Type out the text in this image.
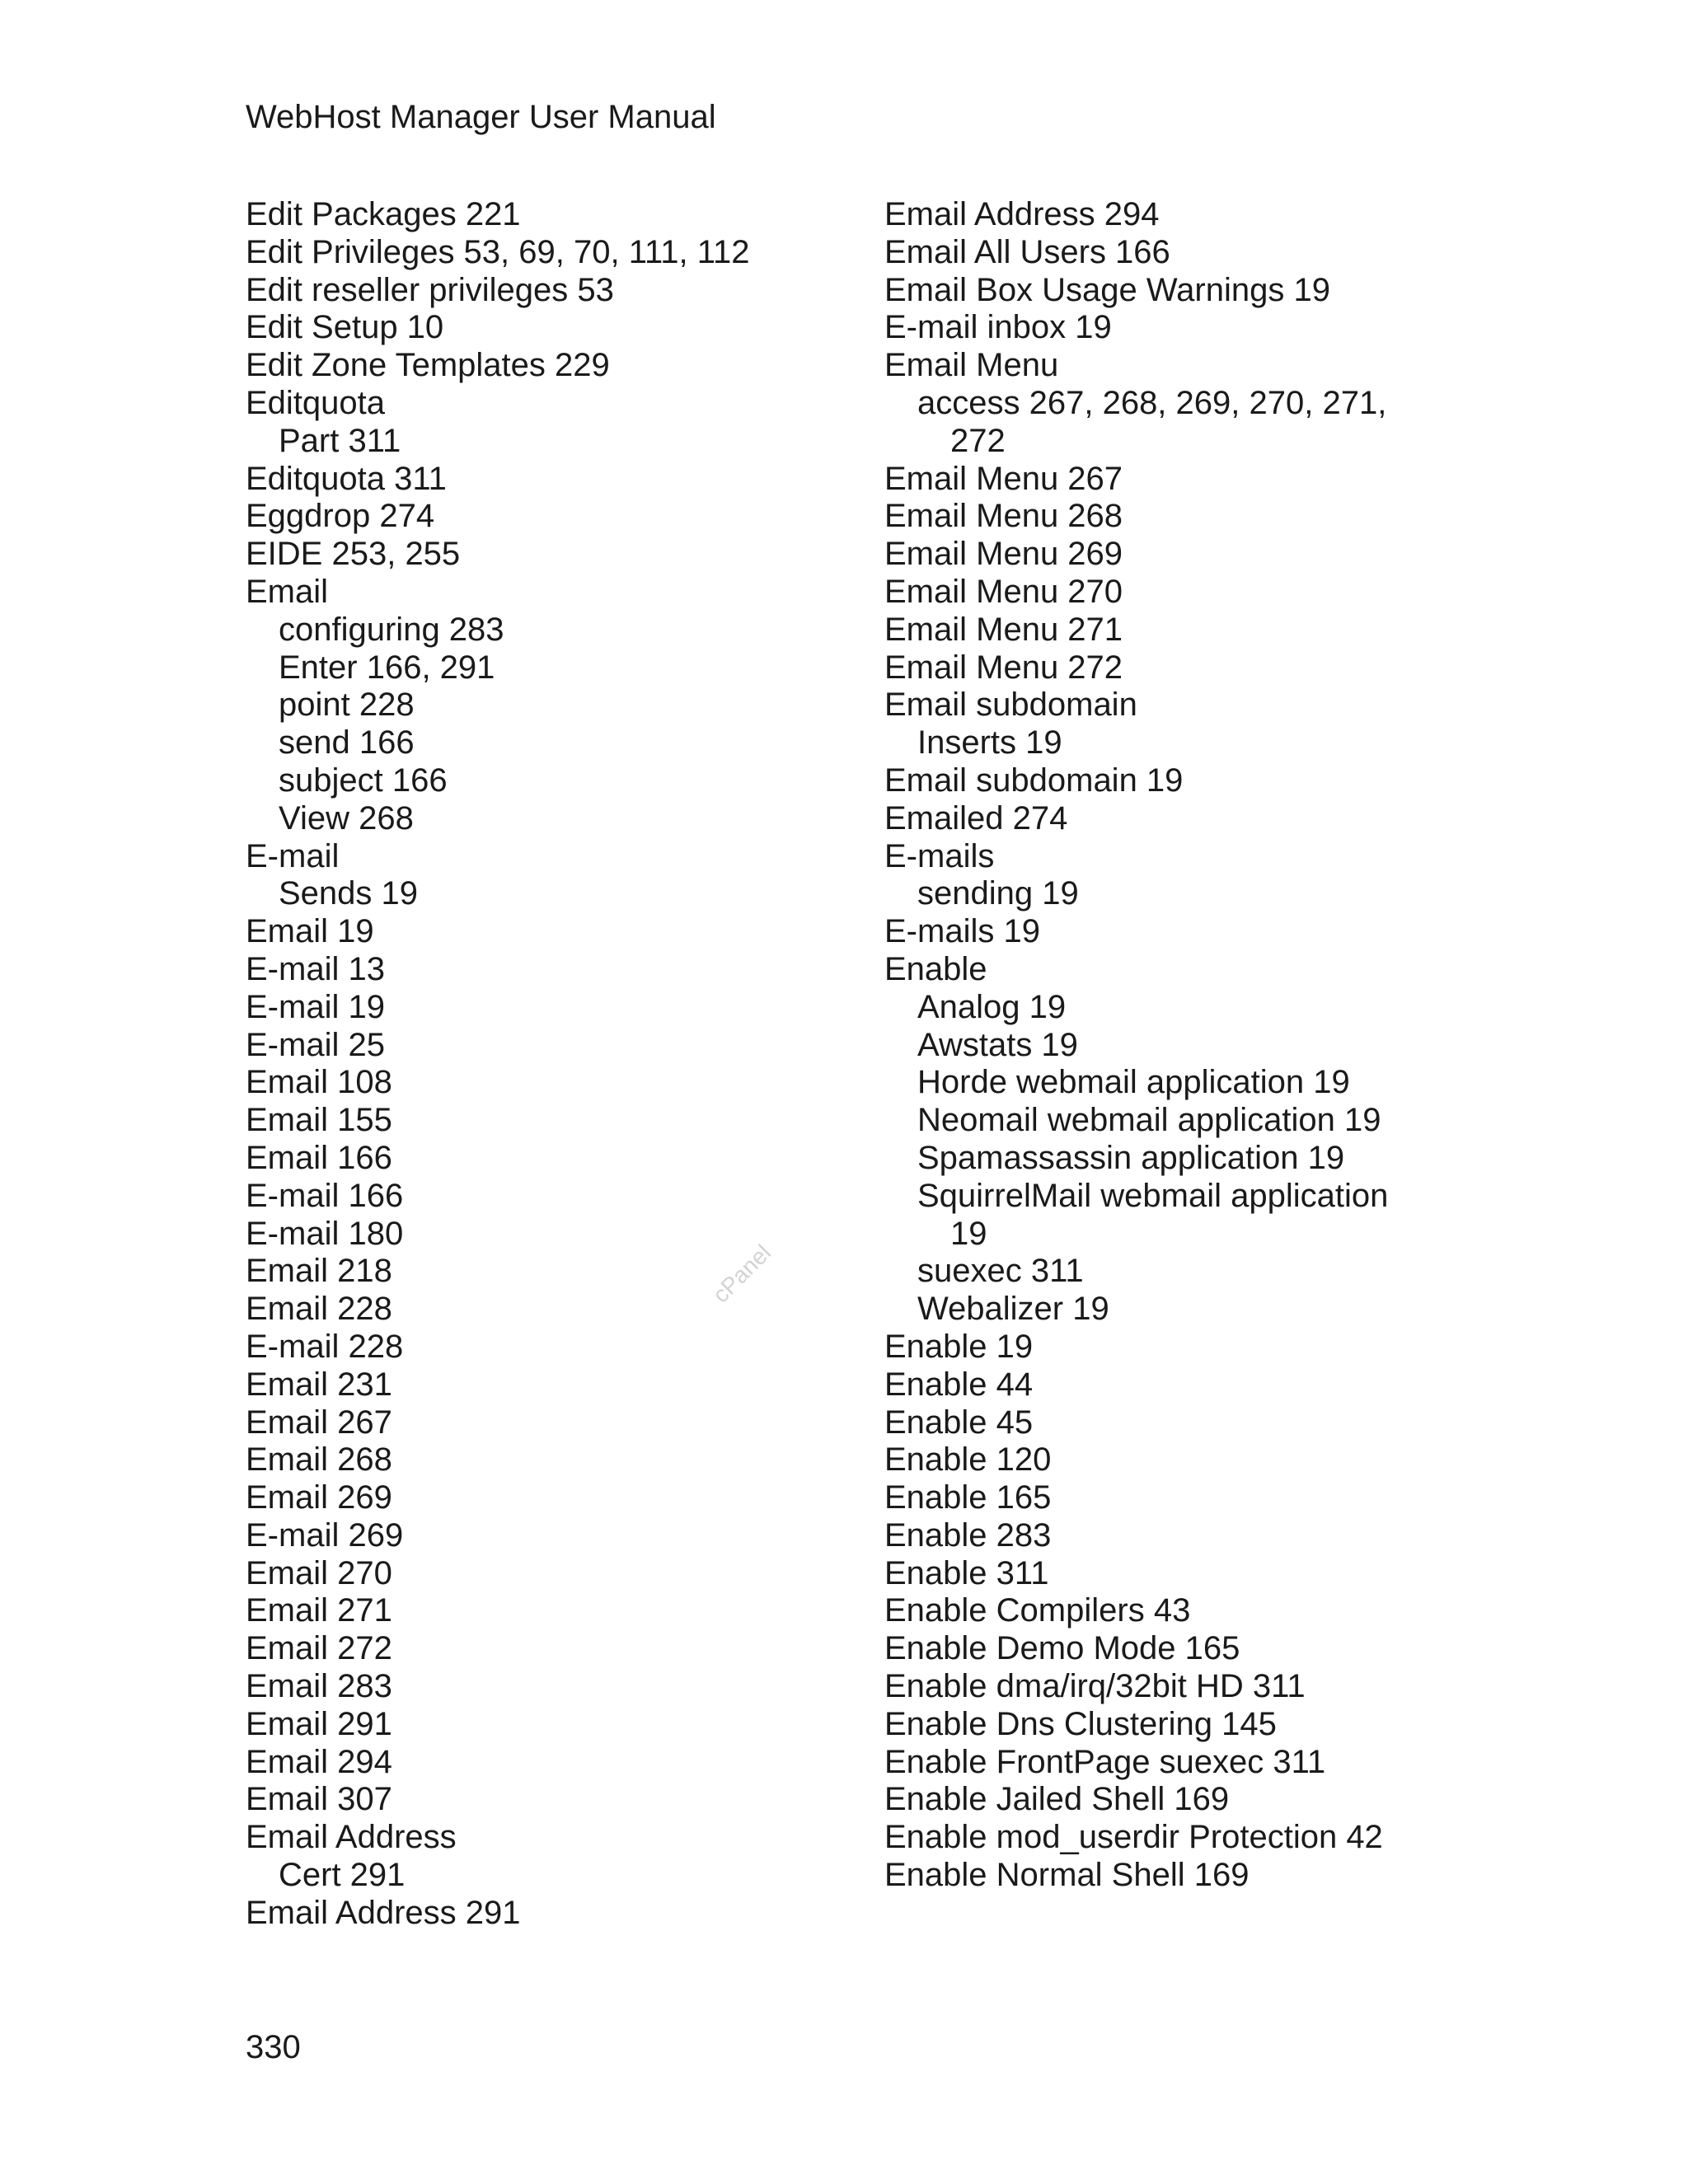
WebHost Manager User Manual
Edit Packages 221
Edit Privileges 53, 69, 70, 111, 112
Edit reseller privileges 53
Edit Setup 10
Edit Zone Templates 229
Editquota
Part 311
Editquota 311
Eggdrop 274
EIDE 253, 255
Email
configuring 283
Enter 166, 291
point 228
send 166
subject 166
View 268
E-mail
Sends 19
Email 19
E-mail 13
E-mail 19
E-mail 25
Email 108
Email 155
Email 166
E-mail 166
E-mail 180
Email 218
Email 228
E-mail 228
Email 231
Email 267
Email 268
Email 269
E-mail 269
Email 270
Email 271
Email 272
Email 283
Email 291
Email 294
Email 307
Email Address
Cert 291
Email Address 291
Email Address 294
Email All Users 166
Email Box Usage Warnings 19
E-mail inbox 19
Email Menu
access 267, 268, 269, 270, 271,
272
Email Menu 267
Email Menu 268
Email Menu 269
Email Menu 270
Email Menu 271
Email Menu 272
Email subdomain
Inserts 19
Email subdomain 19
Emailed 274
E-mails
sending 19
E-mails 19
Enable
Analog 19
Awstats 19
Horde webmail application 19
Neomail webmail application 19
Spamassassin application 19
SquirrelMail webmail application
19
suexec 311
Webalizer 19
Enable 19
Enable 44
Enable 45
Enable 120
Enable 165
Enable 283
Enable 311
Enable Compilers 43
Enable Demo Mode 165
Enable dma/irq/32bit HD 311
Enable Dns Clustering 145
Enable FrontPage suexec 311
Enable Jailed Shell 169
Enable mod_userdir Protection 42
Enable Normal Shell 169
cPanel
330
